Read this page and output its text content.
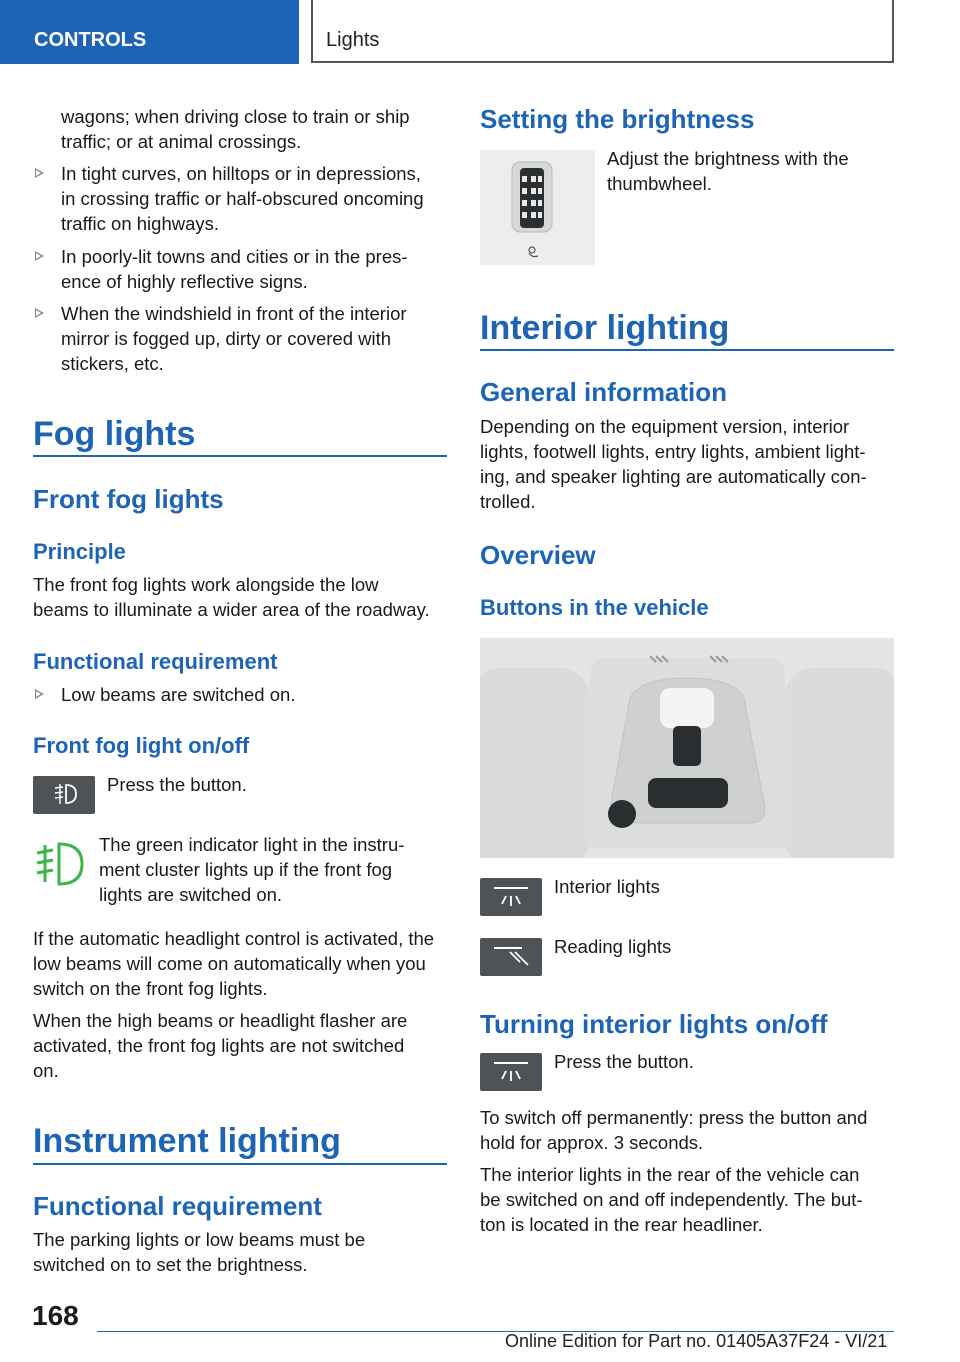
CONTROLS	Lights
wagons; when driving close to train or ship
traffic; or at animal crossings.
In tight curves, on hilltops or in depressions,
in crossing traffic or half-obscured oncoming
traffic on highways.
In poorly-lit towns and cities or in the pres‐
ence of highly reflective signs.
When the windshield in front of the interior
mirror is fogged up, dirty or covered with
stickers, etc.
Fog lights
Front fog lights
Principle
The front fog lights work alongside the low
beams to illuminate a wider area of the roadway.
Functional requirement
Low beams are switched on.
Front fog light on/off
Press the button.
The green indicator light in the instru‐
ment cluster lights up if the front fog
lights are switched on.
If the automatic headlight control is activated, the
low beams will come on automatically when you
switch on the front fog lights.
When the high beams or headlight flasher are
activated, the front fog lights are not switched
on.
Instrument lighting
Functional requirement
The parking lights or low beams must be
switched on to set the brightness.
Setting the brightness
Adjust the brightness with the
thumbwheel.
Interior lighting
General information
Depending on the equipment version, interior
lights, footwell lights, entry lights, ambient light‐
ing, and speaker lighting are automatically con‐
trolled.
Overview
Buttons in the vehicle
Interior lights
Reading lights
Turning interior lights on/off
Press the button.
To switch off permanently: press the button and
hold for approx. 3 seconds.
The interior lights in the rear of the vehicle can
be switched on and off independently. The but‐
ton is located in the rear headliner.
168
Online Edition for Part no. 01405A37F24 - VI/21
